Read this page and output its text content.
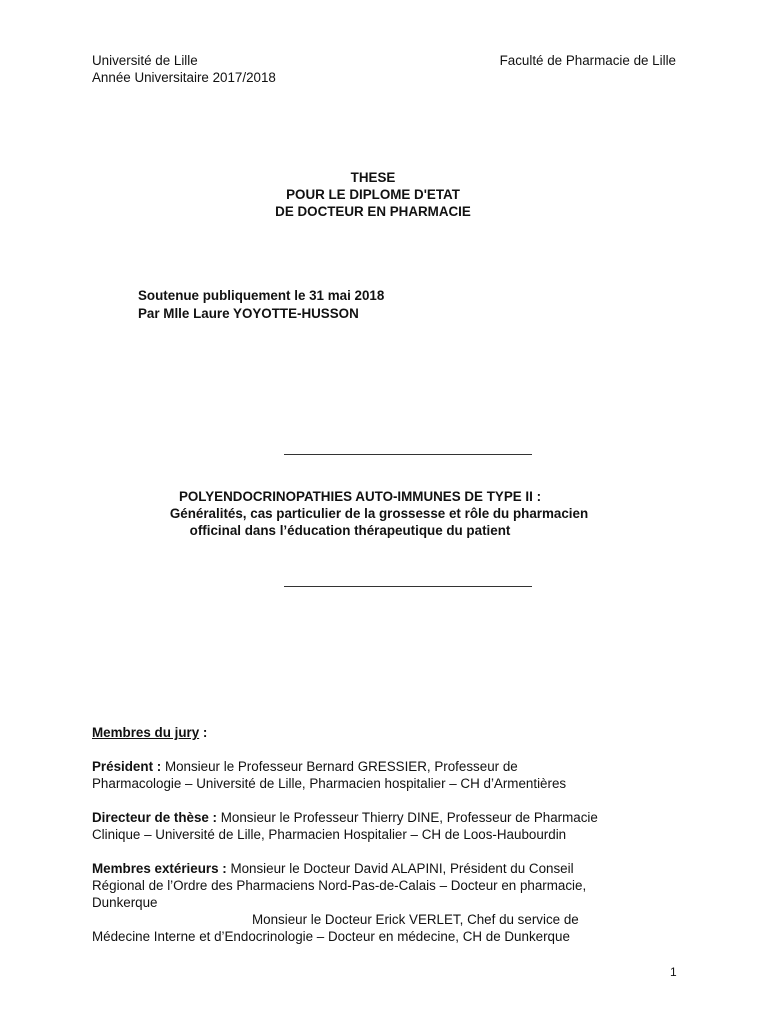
Université de Lille
Année Universitaire 2017/2018
Faculté de Pharmacie de Lille
THESE
POUR LE DIPLOME D'ETAT
DE DOCTEUR EN PHARMACIE
Soutenue publiquement le 31 mai 2018
Par Mlle Laure YOYOTTE-HUSSON
POLYENDOCRINOPATHIES AUTO-IMMUNES DE TYPE II :
Généralités, cas particulier de la grossesse et rôle du pharmacien
officinal dans l’éducation thérapeutique du patient
Membres du jury :
Président : Monsieur le Professeur Bernard GRESSIER, Professeur de
Pharmacologie – Université de Lille, Pharmacien hospitalier – CH d’Armentières
Directeur de thèse : Monsieur le Professeur Thierry DINE, Professeur de Pharmacie
Clinique – Université de Lille, Pharmacien Hospitalier – CH de Loos-Haubourdin
Membres extérieurs : Monsieur le Docteur David ALAPINI, Président du Conseil
Régional de l’Ordre des Pharmaciens Nord-Pas-de-Calais – Docteur en pharmacie,
Dunkerque
Monsieur le Docteur Erick VERLET, Chef du service de
Médecine Interne et d’Endocrinologie – Docteur en médecine, CH de Dunkerque
1
